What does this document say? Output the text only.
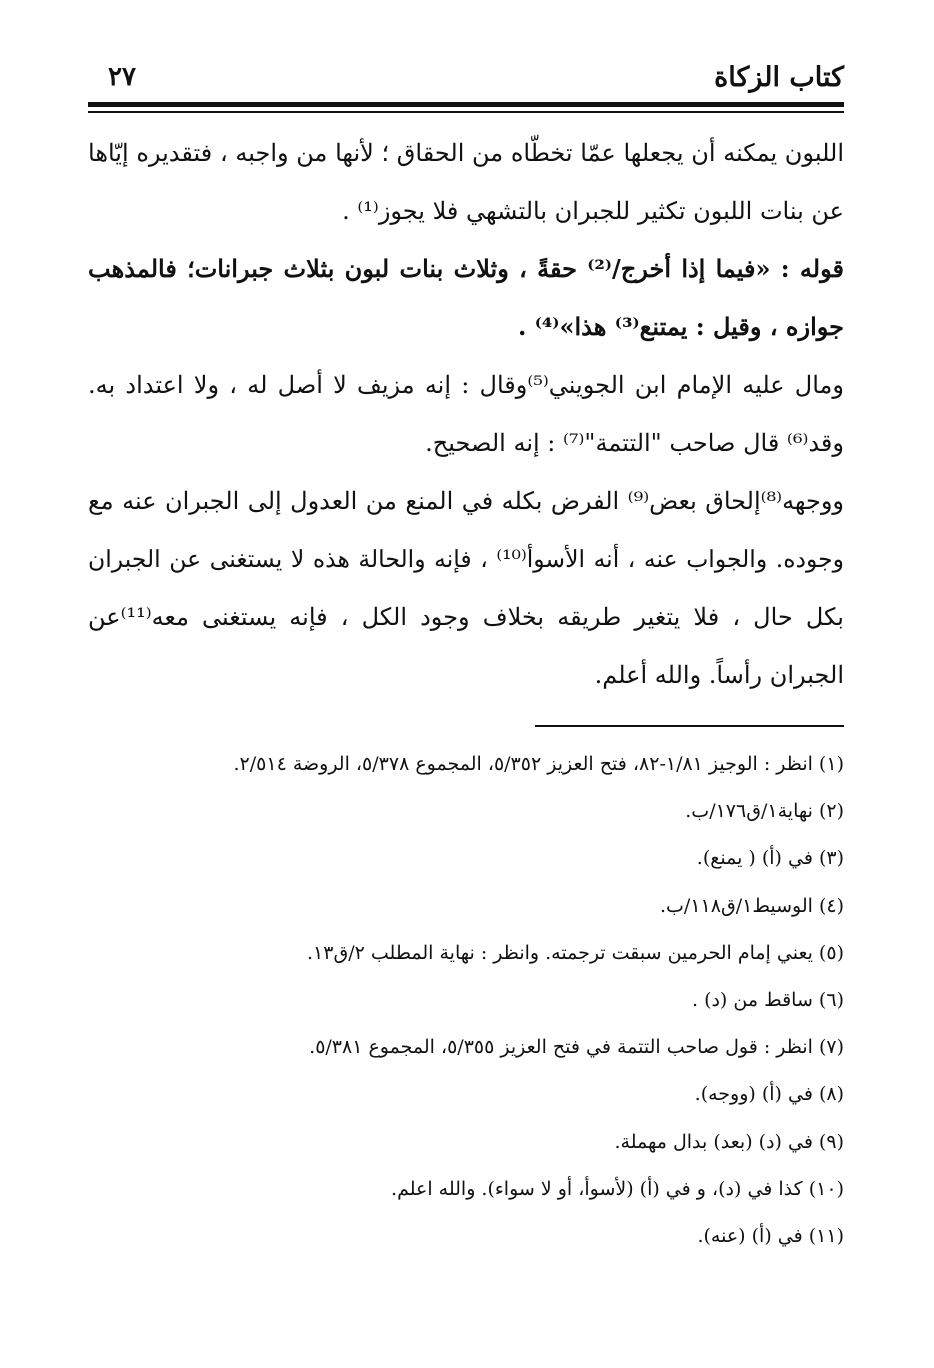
كتاب الزكاة
٢٧
اللبون يمكنه أن يجعلها عمّا تخطّاه من الحقاق ؛ لأنها من واجبه ، فتقديره إيّاها
عن بنات اللبون تكثير للجبران بالتشهي فلا يجوز⁽¹⁾ .
قوله : «فيما إذا أخرج/⁽²⁾ حقةً ، وثلاث بنات لبون بثلاث جبرانات؛ فالمذهب
جوازه ، وقيل : يمتنع⁽³⁾ هذا»⁽⁴⁾ .
ومال عليه الإمام ابن الجويني⁽⁵⁾وقال : إنه مزيف لا أصل له ، ولا اعتداد به.
وقد⁽⁶⁾ قال صاحب "التتمة"⁽⁷⁾ : إنه الصحيح.
ووجهه⁽⁸⁾إلحاق بعض⁽⁹⁾ الفرض بكله في المنع من العدول إلى الجبران عنه مع
وجوده. والجواب عنه ، أنه الأسوأ⁽¹⁰⁾ ، فإنه والحالة هذه لا يستغنى عن الجبران
بكل حال ، فلا يتغير طريقه بخلاف وجود الكل ، فإنه يستغنى معه⁽¹¹⁾عن
الجبران رأساً. والله أعلم.
(١) انظر : الوجيز ١/٨١-٨٢، فتح العزيز ٥/٣٥٢، المجموع ٥/٣٧٨، الروضة ٢/٥١٤.
(٢) نهاية١/ق١٧٦/ب.
(٣) في (أ) ( يمنع).
(٤) الوسيط١/ق١١٨/ب.
(٥) يعني إمام الحرمين سبقت ترجمته. وانظر : نهاية المطلب ٢/ق١٣.
(٦) ساقط من (د) .
(٧) انظر : قول صاحب التتمة في فتح العزيز ٥/٣٥٥، المجموع ٥/٣٨١.
(٨) في (أ) (ووجه).
(٩) في (د) (بعد) بدال مهملة.
(١٠) كذا في (د)، و في (أ) (لأسوأ، أو لا سواء). والله اعلم.
(١١) في (أ) (عنه).
